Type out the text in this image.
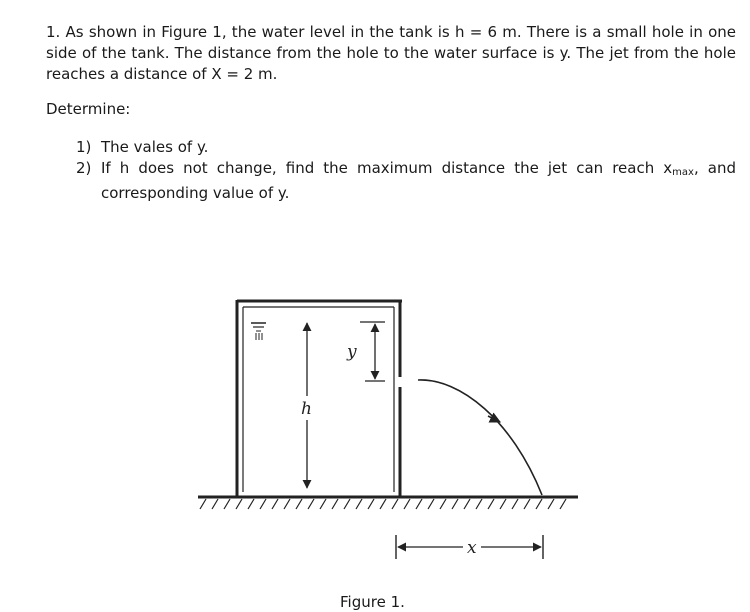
1. As shown in Figure 1, the water level in the tank is h = 6 m. There is a small hole in one side of the tank. The distance from the hole to the water surface is y. The jet from the hole reaches a distance of X = 2 m.

Determine:

1) The vales of y.
2) If h does not change, find the maximum distance the jet can reach $x_{max}$, and corresponding value of y.
h
y
x
Figure 1.
